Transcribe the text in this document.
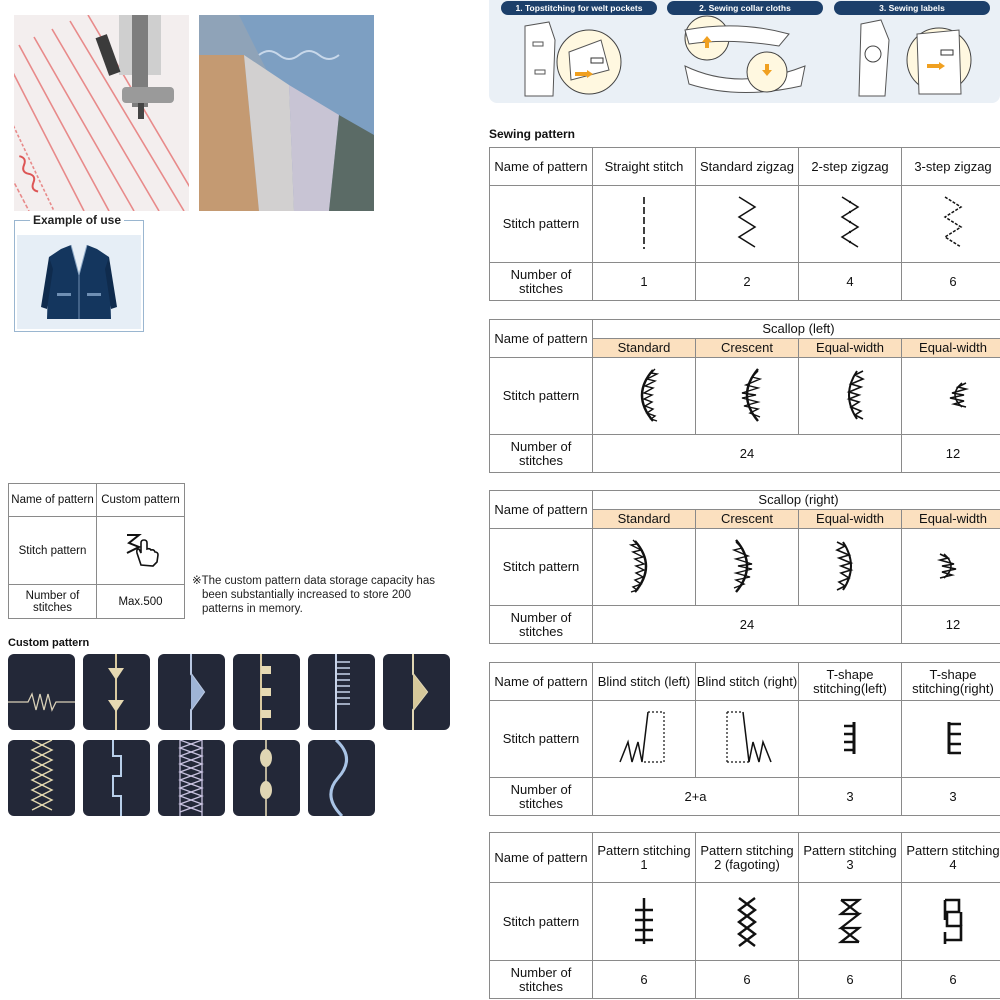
Example of use
1. Topstitching for welt pockets	2. Sewing collar cloths	3. Sewing labels
Sewing pattern
Name of pattern	Straight stitch	Standard zigzag	2-step zigzag	3-step zigzag
Stitch pattern				
Number of stitches	1	2	4	6
Name of pattern	Scallop (left)			
	Standard	Crescent	Equal-width	Equal-width
Stitch pattern				
Number of stitches	24			12
Name of pattern	Scallop (right)			
	Standard	Crescent	Equal-width	Equal-width
Stitch pattern				
Number of stitches	24			12
Name of pattern	Blind stitch (left)	Blind stitch (right)	T-shape stitching(left)	T-shape stitching(right)
Stitch pattern				
Number of stitches	2+a		3	3
Name of pattern	Pattern stitching 1	Pattern stitching 2 (fagoting)	Pattern stitching 3	Pattern stitching 4
Stitch pattern				
Number of stitches	6	6	6	6
Name of pattern	Custom pattern
Stitch pattern	
Number of stitches	Max.500
※The custom pattern data storage capacity has been substantially increased to store 200 patterns in memory.
Custom pattern
